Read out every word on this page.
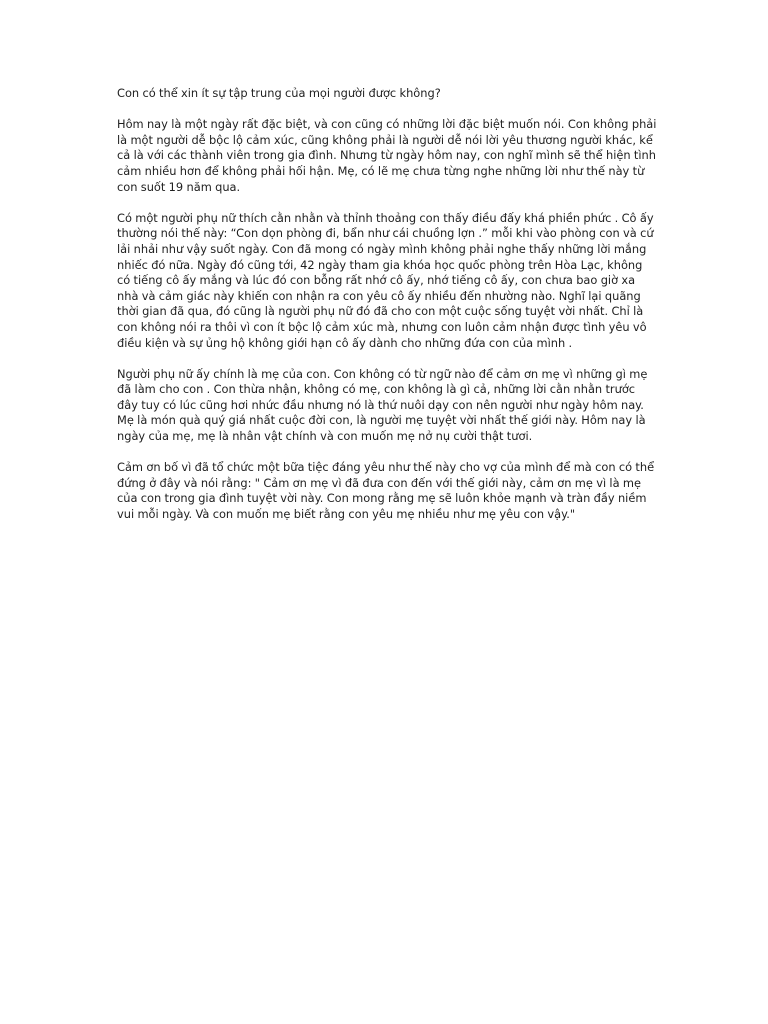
Con có thể xin ít sự tập trung của mọi người được không?

Hôm nay là một ngày rất đặc biệt, và con cũng có những lời đặc biệt muốn nói. Con không phải là một người dễ bộc lộ cảm xúc, cũng không phải là người dễ nói lời yêu thương người khác, kể cả là với các thành viên trong gia đình. Nhưng từ ngày hôm nay, con nghĩ mình sẽ thể hiện tình cảm nhiều hơn để không phải hối hận. Mẹ, có lẽ mẹ chưa từng nghe những lời như thế này từ con suốt 19 năm qua.

Có một người phụ nữ thích cằn nhằn và thỉnh thoảng con thấy điều đấy khá phiền phức . Cô ấy thường nói thế này: “Con dọn phòng đi, bẩn như cái chuồng lợn .” mỗi khi vào phòng con và cứ lải nhải như vậy suốt ngày. Con đã mong có ngày mình không phải nghe thấy những lời mắng nhiếc đó nữa. Ngày đó cũng tới, 42 ngày tham gia khóa học quốc phòng trên Hòa Lạc, không có tiếng cô ấy mắng và lúc đó con bỗng rất nhớ cô ấy, nhớ tiếng cô ấy, con chưa bao giờ xa nhà và cảm giác này khiến con nhận ra con yêu cô ấy nhiều đến nhường nào. Nghĩ lại quãng thời gian đã qua, đó cũng là người phụ nữ đó đã cho con một cuộc sống tuyệt vời nhất. Chỉ là con không nói ra thôi vì con ít bộc lộ cảm xúc mà, nhưng con luôn cảm nhận được tình yêu vô điều kiện và sự ủng hộ không giới hạn cô ấy dành cho những đứa con của mình .

Người phụ nữ ấy chính là mẹ của con. Con không có từ ngữ nào để cảm ơn mẹ vì những gì mẹ đã làm cho con . Con thừa nhận, không có mẹ, con không là gì cả, những lời cằn nhằn trước đây tuy có lúc cũng hơi nhức đầu nhưng nó là thứ nuôi dạy con nên người như ngày hôm nay. Mẹ là món quà quý giá nhất cuộc đời con, là người mẹ tuyệt vời nhất thế giới này. Hôm nay là ngày của mẹ, mẹ là nhân vật chính và con muốn mẹ nở nụ cười thật tươi.

Cảm ơn bố vì đã tổ chức một bữa tiệc đáng yêu như thế này cho vợ của mình để mà con có thể đứng ở đây và nói rằng: " Cảm ơn mẹ vì đã đưa con đến với thế giới này, cảm ơn mẹ vì là mẹ của con trong gia đình tuyệt vời này. Con mong rằng mẹ sẽ luôn khỏe mạnh và tràn đầy niềm vui mỗi ngày. Và con muốn mẹ biết rằng con yêu mẹ nhiều như mẹ yêu con vậy."
